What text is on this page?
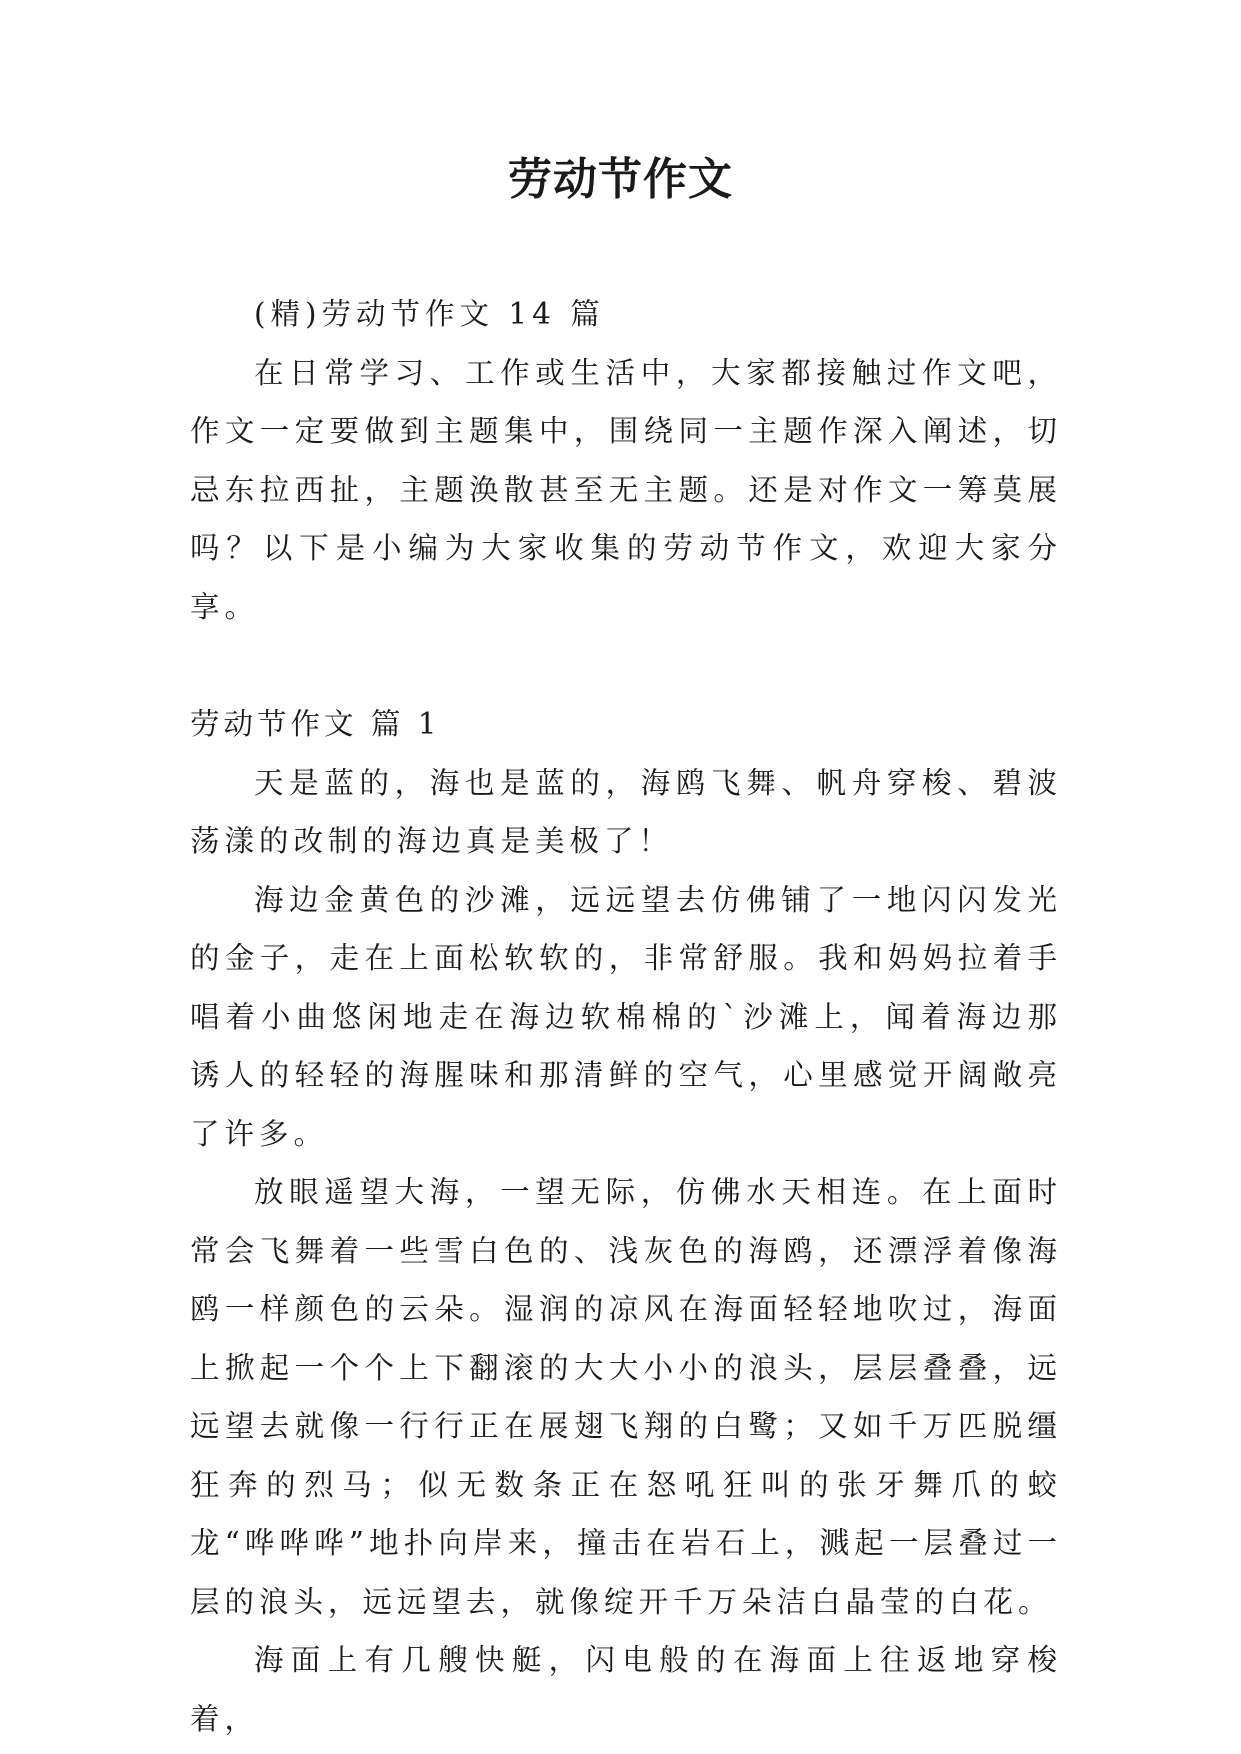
劳动节作文

(精)劳动节作文 14 篇

在日常学习、工作或生活中，大家都接触过作文吧，作文一定要做到主题集中，围绕同一主题作深入阐述，切忌东拉西扯，主题涣散甚至无主题。还是对作文一筹莫展吗？以下是小编为大家收集的劳动节作文，欢迎大家分享。

劳动节作文 篇 1

天是蓝的，海也是蓝的，海鸥飞舞、帆舟穿梭、碧波荡漾的改制的海边真是美极了！

海边金黄色的沙滩，远远望去仿佛铺了一地闪闪发光的金子，走在上面松软软的，非常舒服。我和妈妈拉着手唱着小曲悠闲地走在海边软棉棉的`沙滩上，闻着海边那诱人的轻轻的海腥味和那清鲜的空气，心里感觉开阔敞亮了许多。

放眼遥望大海，一望无际，仿佛水天相连。在上面时常会飞舞着一些雪白色的、浅灰色的海鸥，还漂浮着像海鸥一样颜色的云朵。湿润的凉风在海面轻轻地吹过，海面上掀起一个个上下翻滚的大大小小的浪头，层层叠叠，远远望去就像一行行正在展翅飞翔的白鹭；又如千万匹脱缰狂奔的烈马；似无数条正在怒吼狂叫的张牙舞爪的蛟龙“哗哗哗”地扑向岸来，撞击在岩石上，溅起一层叠过一层的浪头，远远望去，就像绽开千万朵洁白晶莹的白花。

海面上有几艘快艇，闪电般的在海面上往返地穿梭着，
